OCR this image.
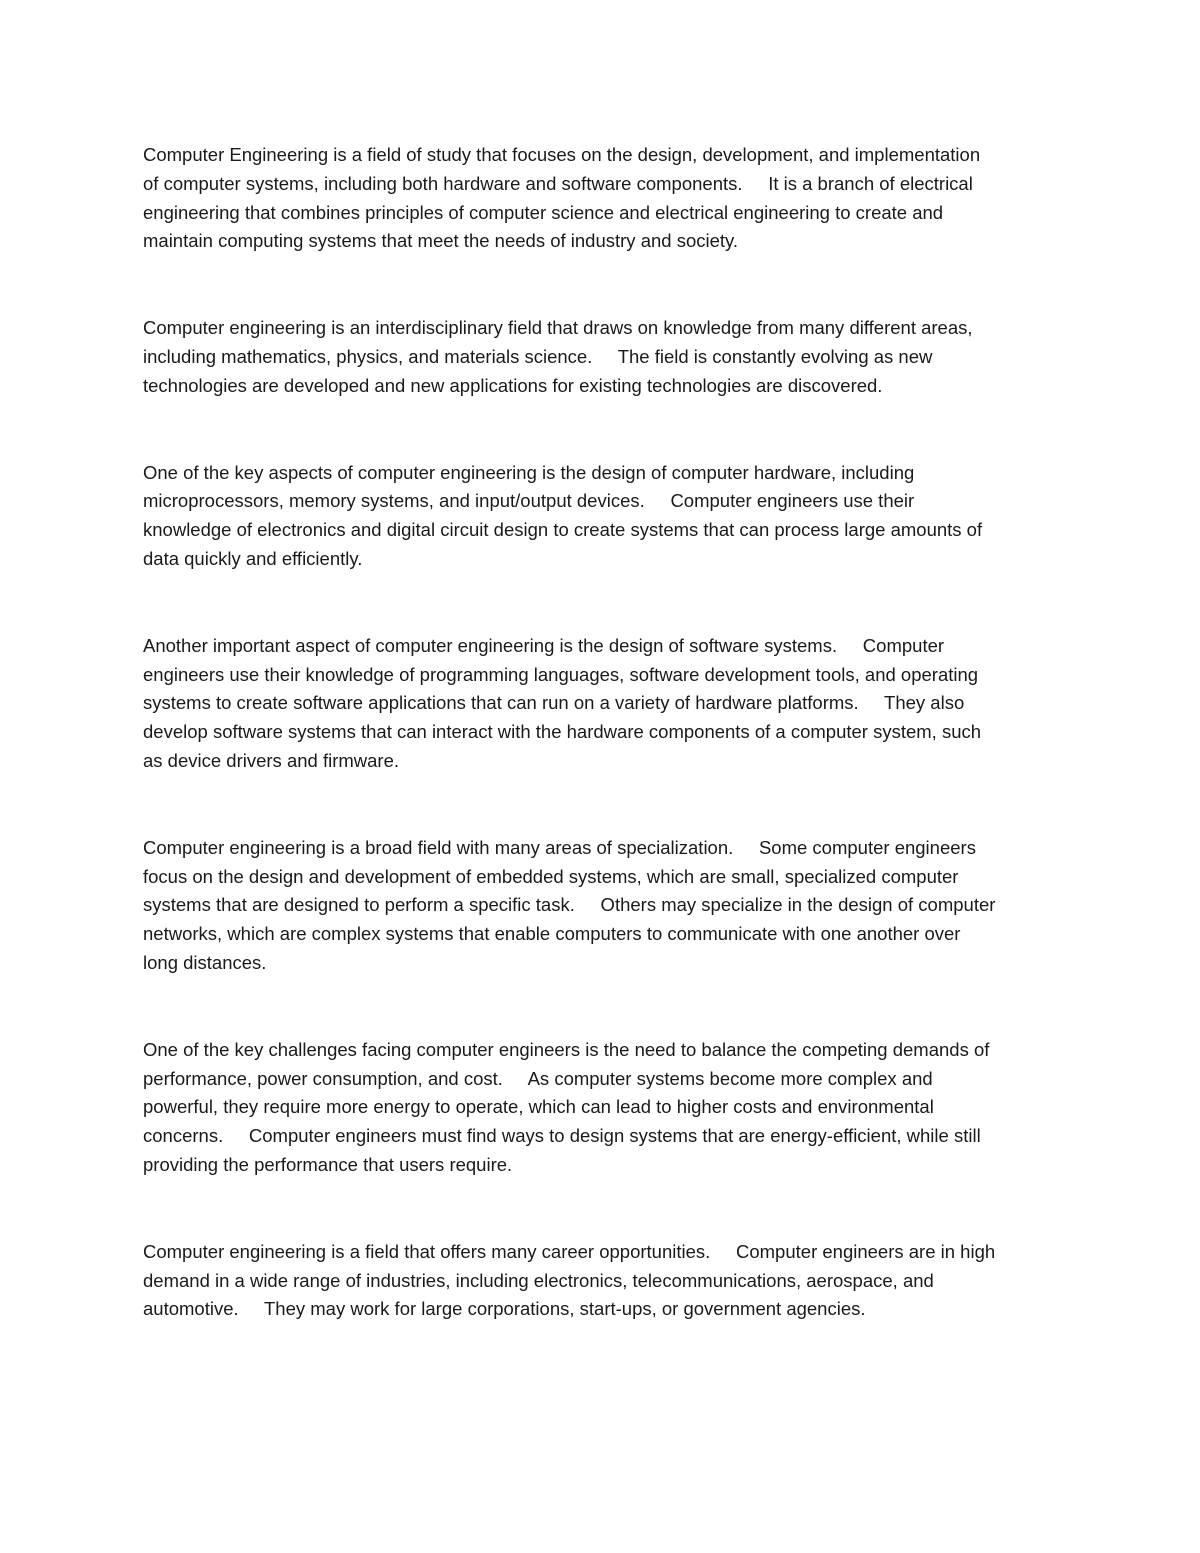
Computer Engineering is a field of study that focuses on the design, development, and implementation
of computer systems, including both hardware and software components.     It is a branch of electrical
engineering that combines principles of computer science and electrical engineering to create and
maintain computing systems that meet the needs of industry and society.

Computer engineering is an interdisciplinary field that draws on knowledge from many different areas,
including mathematics, physics, and materials science.     The field is constantly evolving as new
technologies are developed and new applications for existing technologies are discovered.

One of the key aspects of computer engineering is the design of computer hardware, including
microprocessors, memory systems, and input/output devices.     Computer engineers use their
knowledge of electronics and digital circuit design to create systems that can process large amounts of
data quickly and efficiently.

Another important aspect of computer engineering is the design of software systems.     Computer
engineers use their knowledge of programming languages, software development tools, and operating
systems to create software applications that can run on a variety of hardware platforms.     They also
develop software systems that can interact with the hardware components of a computer system, such
as device drivers and firmware.

Computer engineering is a broad field with many areas of specialization.     Some computer engineers
focus on the design and development of embedded systems, which are small, specialized computer
systems that are designed to perform a specific task.     Others may specialize in the design of computer
networks, which are complex systems that enable computers to communicate with one another over
long distances.

One of the key challenges facing computer engineers is the need to balance the competing demands of
performance, power consumption, and cost.     As computer systems become more complex and
powerful, they require more energy to operate, which can lead to higher costs and environmental
concerns.     Computer engineers must find ways to design systems that are energy-efficient, while still
providing the performance that users require.

Computer engineering is a field that offers many career opportunities.     Computer engineers are in high
demand in a wide range of industries, including electronics, telecommunications, aerospace, and
automotive.     They may work for large corporations, start-ups, or government agencies.
